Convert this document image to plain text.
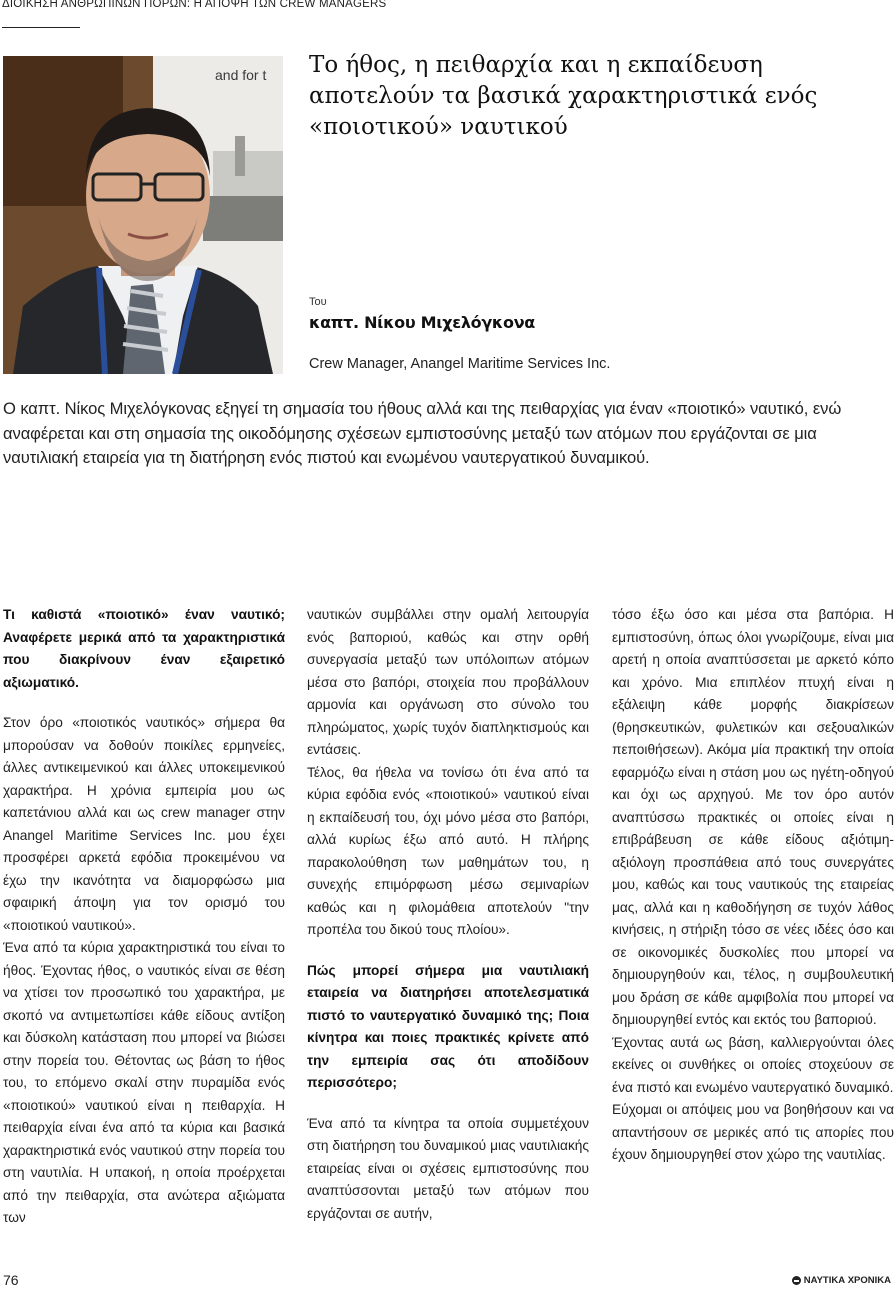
ΔΙΟΙΚΗΣΗ ΑΝΘΡΩΠΙΝΩΝ ΠΟΡΩΝ: Η ΑΠΟΨΗ ΤΩΝ CREW MANAGERS
and for t Το ήθος, η πειθαρχία και η εκπαίδευση αποτελούν τα βασικά χαρακτηριστικά ενός «ποιοτικού» ναυτικού
Του
καπτ. Νίκου Μιχελόγκονα
Crew Manager, Anangel Maritime Services Inc.

Ο καπτ. Νίκος Μιχελόγκονας εξηγεί τη σημασία του ήθους αλλά και της πειθαρχίας για έναν «ποιοτικό» ναυτικό, ενώ αναφέρεται και στη σημασία της οικοδόμησης σχέσεων εμπιστοσύνης μεταξύ των ατόμων που εργάζονται σε μια ναυτιλιακή εταιρεία για τη διατήρηση ενός πιστού και ενωμένου ναυτεργατικού δυναμικού.

Τι καθιστά «ποιοτικό» έναν ναυτικό; Αναφέρετε μερικά από τα χαρακτηριστικά που διακρίνουν έναν εξαιρετικό αξιωματικό.

Στον όρο «ποιοτικός ναυτικός» σήμερα θα μπορούσαν να δοθούν ποικίλες ερμηνείες, άλλες αντικειμενικού και άλλες υποκειμενικού χαρακτήρα. Η χρόνια εμπειρία μου ως καπετάνιου αλλά και ως crew manager στην Anangel Maritime Services Inc. μου έχει προσφέρει αρκετά εφόδια προκειμένου να έχω την ικανότητα να διαμορφώσω μια σφαιρική άποψη για τον ορισμό του «ποιοτικού ναυτικού».

Ένα από τα κύρια χαρακτηριστικά του είναι το ήθος. Έχοντας ήθος, ο ναυτικός είναι σε θέση να χτίσει τον προσωπικό του χαρακτήρα, με σκοπό να αντιμετωπίσει κάθε είδους αντίξοη και δύσκολη κατάσταση που μπορεί να βιώσει στην πορεία του. Θέτοντας ως βάση το ήθος του, το επόμενο σκαλί στην πυραμίδα ενός «ποιοτικού» ναυτικού είναι η πειθαρχία. Η πειθαρχία είναι ένα από τα κύρια και βασικά χαρακτηριστικά ενός ναυτικού στην πορεία του στη ναυτιλία. Η υπακοή, η οποία προέρχεται από την πειθαρχία, στα ανώτερα αξιώματα των

ναυτικών συμβάλλει στην ομαλή λειτουργία ενός βαποριού, καθώς και στην ορθή συνεργασία μεταξύ των υπόλοιπων ατόμων μέσα στο βαπόρι, στοιχεία που προβάλλουν αρμονία και οργάνωση στο σύνολο του πληρώματος, χωρίς τυχόν διαπληκτισμούς και εντάσεις.

Τέλος, θα ήθελα να τονίσω ότι ένα από τα κύρια εφόδια ενός «ποιοτικού» ναυτικού είναι η εκπαίδευσή του, όχι μόνο μέσα στο βαπόρι, αλλά κυρίως έξω από αυτό. Η πλήρης παρακολούθηση των μαθημάτων του, η συνεχής επιμόρφωση μέσω σεμιναρίων καθώς και η φιλομάθεια αποτελούν "την προπέλα του δικού τους πλοίου».

Πώς μπορεί σήμερα μια ναυτιλιακή εταιρεία να διατηρήσει αποτελεσματικά πιστό το ναυτεργατικό δυναμικό της; Ποια κίνητρα και ποιες πρακτικές κρίνετε από την εμπειρία σας ότι αποδίδουν περισσότερο;

Ένα από τα κίνητρα τα οποία συμμετέχουν στη διατήρηση του δυναμικού μιας ναυτιλιακής εταιρείας είναι οι σχέσεις εμπιστοσύνης που αναπτύσσονται μεταξύ των ατόμων που εργάζονται σε αυτήν,

τόσο έξω όσο και μέσα στα βαπόρια. Η εμπιστοσύνη, όπως όλοι γνωρίζουμε, είναι μια αρετή η οποία αναπτύσσεται με αρκετό κόπο και χρόνο. Μια επιπλέον πτυχή είναι η εξάλειψη κάθε μορφής διακρίσεων (θρησκευτικών, φυλετικών και σεξουαλικών πεποιθήσεων). Ακόμα μία πρακτική την οποία εφαρμόζω είναι η στάση μου ως ηγέτη-οδηγού και όχι ως αρχηγού. Με τον όρο αυτόν αναπτύσσω πρακτικές οι οποίες είναι η επιβράβευση σε κάθε είδους αξιότιμη-αξιόλογη προσπάθεια από τους συνεργάτες μου, καθώς και τους ναυτικούς της εταιρείας μας, αλλά και η καθοδήγηση σε τυχόν λάθος κινήσεις, η στήριξη τόσο σε νέες ιδέες όσο και σε οικονομικές δυσκολίες που μπορεί να δημιουργηθούν και, τέλος, η συμβουλευτική μου δράση σε κάθε αμφιβολία που μπορεί να δημιουργηθεί εντός και εκτός του βαποριού.

Έχοντας αυτά ως βάση, καλλιεργούνται όλες εκείνες οι συνθήκες οι οποίες στοχεύουν σε ένα πιστό και ενωμένο ναυτεργατικό δυναμικό.

Εύχομαι οι απόψεις μου να βοηθήσουν και να απαντήσουν σε μερικές από τις απορίες που έχουν δημιουργηθεί στον χώρο της ναυτιλίας.

76	ΝΑΥΤΙΚΑ ΧΡΟΝΙΚΑ
